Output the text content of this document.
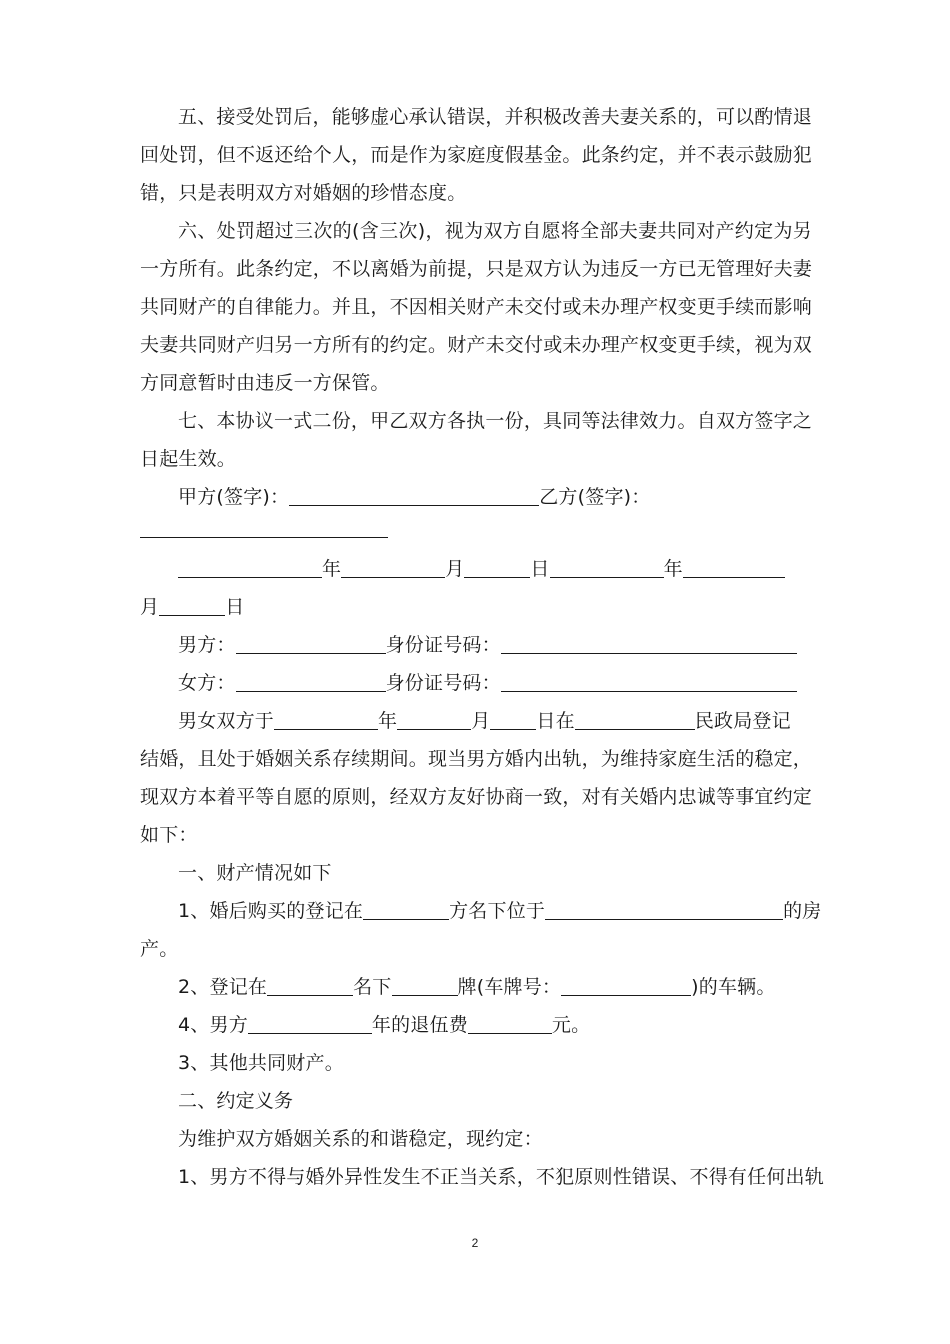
五、接受处罚后，能够虚心承认错误，并积极改善夫妻关系的，可以酌情退
回处罚，但不返还给个人，而是作为家庭度假基金。此条约定，并不表示鼓励犯
错，只是表明双方对婚姻的珍惜态度。
六、处罚超过三次的(含三次)，视为双方自愿将全部夫妻共同对产约定为另
一方所有。此条约定，不以离婚为前提，只是双方认为违反一方已无管理好夫妻
共同财产的自律能力。并且，不因相关财产未交付或未办理产权变更手续而影响
夫妻共同财产归另一方所有的约定。财产未交付或未办理产权变更手续，视为双
方同意暂时由违反一方保管。
七、本协议一式二份，甲乙双方各执一份，具同等法律效力。自双方签字之
日起生效。
甲方(签字)：	乙方(签字)：
年	月	日	年
月	日
男方：	身份证号码：
女方：	身份证号码：
男女双方于	年	月 日在	民政局登记
结婚，且处于婚姻关系存续期间。现当男方婚内出轨，为维持家庭生活的稳定，
现双方本着平等自愿的原则，经双方友好协商一致，对有关婚内忠诚等事宜约定
如下：
一、财产情况如下
1、婚后购买的登记在	方名下位于	的房
产。
2、登记在	名下	牌(车牌号：	)的车辆。
4、男方	年的退伍费	元。
3、其他共同财产。
二、约定义务
为维护双方婚姻关系的和谐稳定，现约定：
1、男方不得与婚外异性发生不正当关系，不犯原则性错误、不得有任何出轨
2
